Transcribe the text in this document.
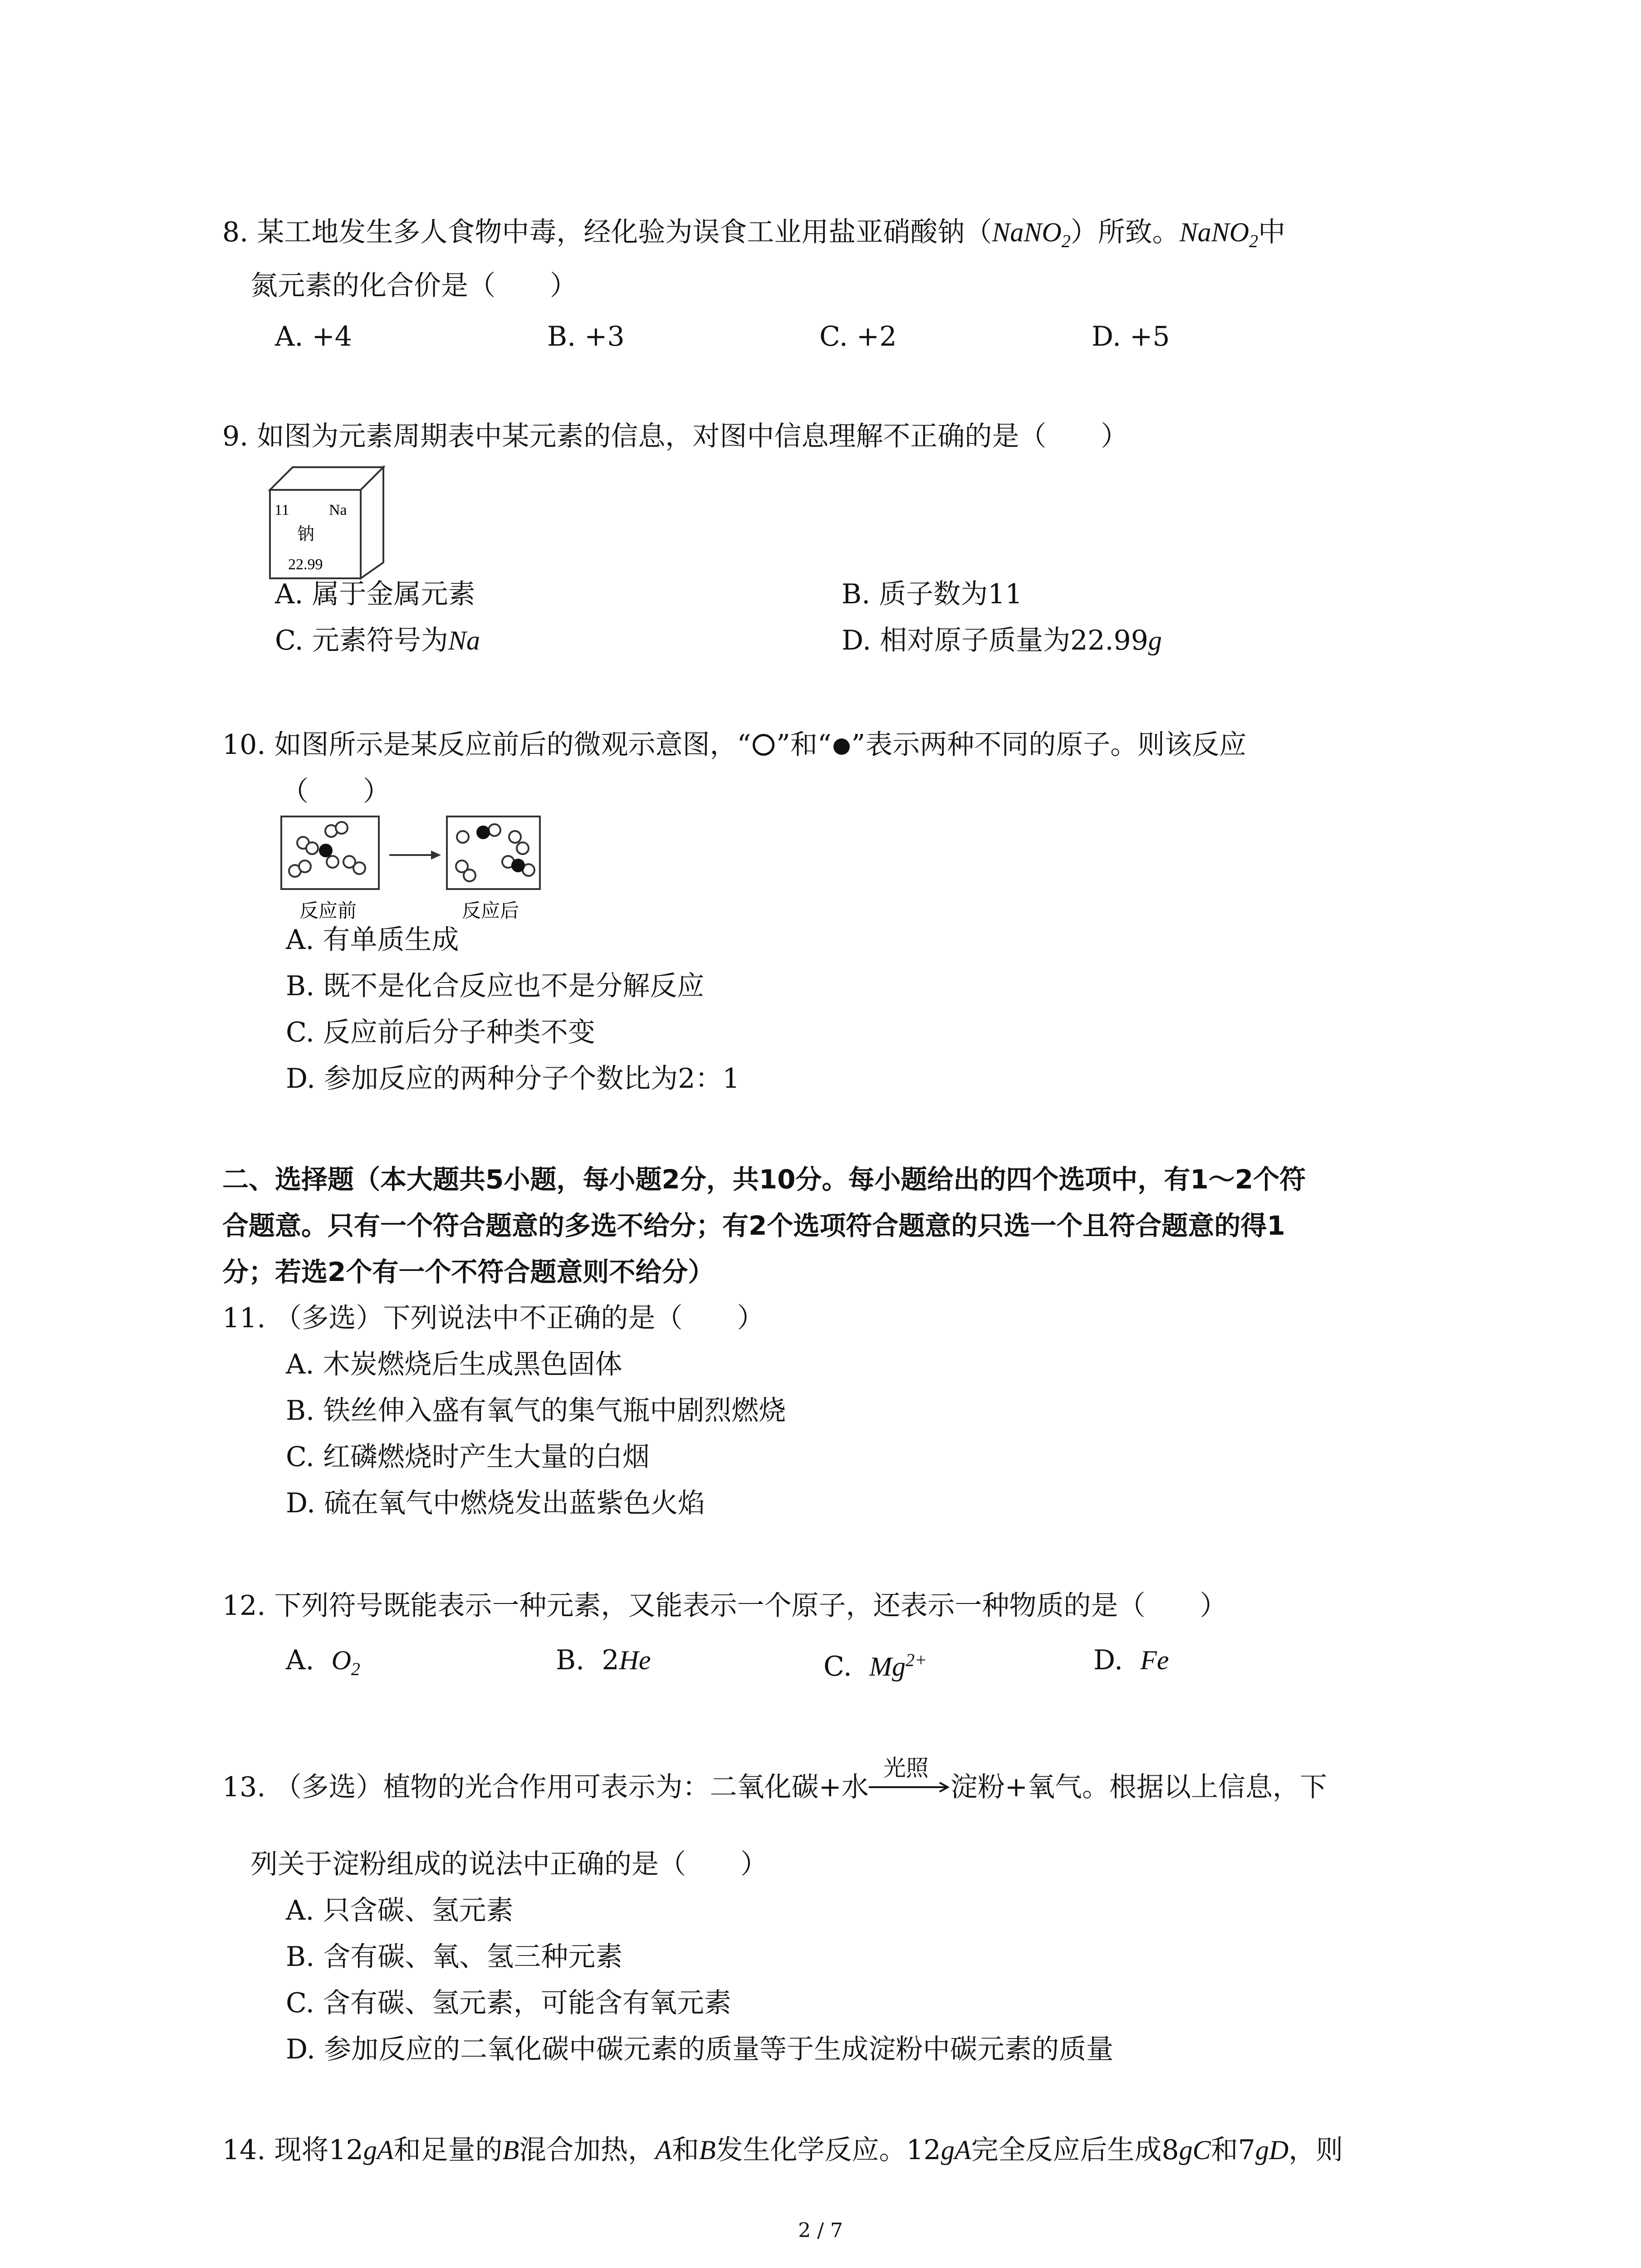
8. 某工地发生多人食物中毒，经化验为误食工业用盐亚硝酸钠（NaNO$_2$）所致。NaNO$_2$中
氮元素的化合价是（　　）
A. +4	B. +3	C. +2	D. +5
9. 如图为元素周期表中某元素的信息，对图中信息理解不正确的是（　　）
11	Na
钠
22.99
A. 属于金属元素	B. 质子数为11
C. 元素符号为Na	D. 相对原子质量为22.99g
10. 如图所示是某反应前后的微观示意图，“ ”和“ ”表示两种不同的原子。则该反应
（　　）
反应前	反应后
A. 有单质生成
B. 既不是化合反应也不是分解反应
C. 反应前后分子种类不变
D. 参加反应的两种分子个数比为2：1
二、选择题（本大题共5小题，每小题2分，共10分。每小题给出的四个选项中，有1～2个符
合题意。只有一个符合题意的多选不给分；有2个选项符合题意的只选一个且符合题意的得1
分；若选2个有一个不符合题意则不给分）
11. （多选）下列说法中不正确的是（　　）
A. 木炭燃烧后生成黑色固体
B. 铁丝伸入盛有氧气的集气瓶中剧烈燃烧
C. 红磷燃烧时产生大量的白烟
D. 硫在氧气中燃烧发出蓝紫色火焰
12. 下列符号既能表示一种元素，又能表示一个原子，还表示一种物质的是（　　）
A. $O_2$	B. 2He	C. $Mg^{2+}$	D. Fe
13. （多选）植物的光合作用可表示为：二氧化碳+水
光照
淀粉+氧气。根据以上信息，下
列关于淀粉组成的说法中正确的是（　　）
A. 只含碳、氢元素
B. 含有碳、氧、氢三种元素
C. 含有碳、氢元素，可能含有氧元素
D. 参加反应的二氧化碳中碳元素的质量等于生成淀粉中碳元素的质量
14. 现将12gA和足量的B混合加热，A和B发生化学反应。12gA完全反应后生成8gC和7gD，则
2 / 7
